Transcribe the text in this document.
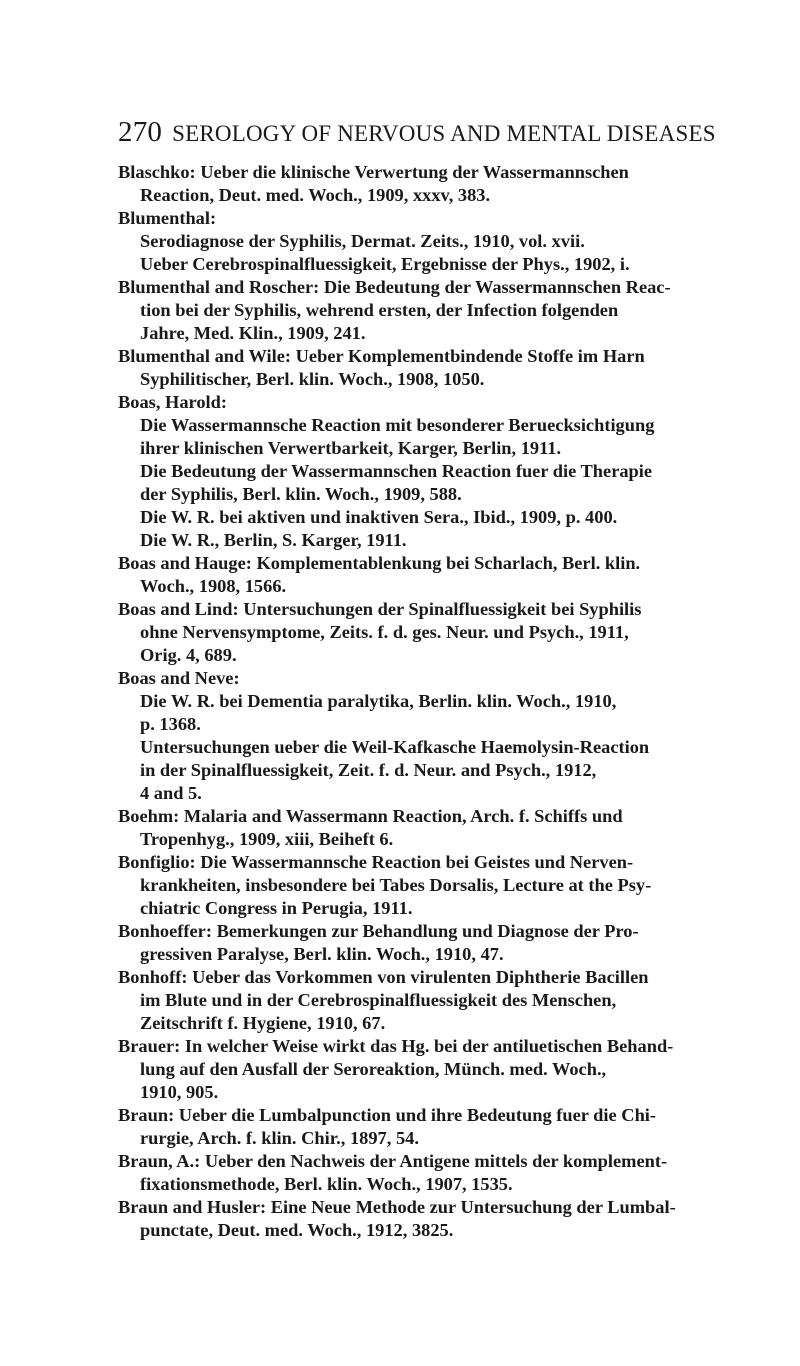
270 SEROLOGY OF NERVOUS AND MENTAL DISEASES
Blaschko: Ueber die klinische Verwertung der Wassermannschen
Reaction, Deut. med. Woch., 1909, xxxv, 383.
Blumenthal:
Serodiagnose der Syphilis, Dermat. Zeits., 1910, vol. xvii.
Ueber Cerebrospinalfluessigkeit, Ergebnisse der Phys., 1902, i.
Blumenthal and Roscher: Die Bedeutung der Wassermannschen Reac-
tion bei der Syphilis, wehrend ersten, der Infection folgenden
Jahre, Med. Klin., 1909, 241.
Blumenthal and Wile: Ueber Komplementbindende Stoffe im Harn
Syphilitischer, Berl. klin. Woch., 1908, 1050.
Boas, Harold:
Die Wassermannsche Reaction mit besonderer Beruecksichtigung
ihrer klinischen Verwertbarkeit, Karger, Berlin, 1911.
Die Bedeutung der Wassermannschen Reaction fuer die Therapie
der Syphilis, Berl. klin. Woch., 1909, 588.
Die W. R. bei aktiven und inaktiven Sera., Ibid., 1909, p. 400.
Die W. R., Berlin, S. Karger, 1911.
Boas and Hauge: Komplementablenkung bei Scharlach, Berl. klin.
Woch., 1908, 1566.
Boas and Lind: Untersuchungen der Spinalfluessigkeit bei Syphilis
ohne Nervensymptome, Zeits. f. d. ges. Neur. und Psych., 1911,
Orig. 4, 689.
Boas and Neve:
Die W. R. bei Dementia paralytika, Berlin. klin. Woch., 1910,
p. 1368.
Untersuchungen ueber die Weil-Kafkasche Haemolysin-Reaction
in der Spinalfluessigkeit, Zeit. f. d. Neur. and Psych., 1912,
4 and 5.
Boehm: Malaria and Wassermann Reaction, Arch. f. Schiffs und
Tropenhyg., 1909, xiii, Beiheft 6.
Bonfiglio: Die Wassermannsche Reaction bei Geistes und Nerven-
krankheiten, insbesondere bei Tabes Dorsalis, Lecture at the Psy-
chiatric Congress in Perugia, 1911.
Bonhoeffer: Bemerkungen zur Behandlung und Diagnose der Pro-
gressiven Paralyse, Berl. klin. Woch., 1910, 47.
Bonhoff: Ueber das Vorkommen von virulenten Diphtherie Bacillen
im Blute und in der Cerebrospinalfluessigkeit des Menschen,
Zeitschrift f. Hygiene, 1910, 67.
Brauer: In welcher Weise wirkt das Hg. bei der antiluetischen Behand-
lung auf den Ausfall der Seroreaktion, Münch. med. Woch.,
1910, 905.
Braun: Ueber die Lumbalpunction und ihre Bedeutung fuer die Chi-
rurgie, Arch. f. klin. Chir., 1897, 54.
Braun, A.: Ueber den Nachweis der Antigene mittels der komplement-
fixationsmethode, Berl. klin. Woch., 1907, 1535.
Braun and Husler: Eine Neue Methode zur Untersuchung der Lumbal-
punctate, Deut. med. Woch., 1912, 3825.
